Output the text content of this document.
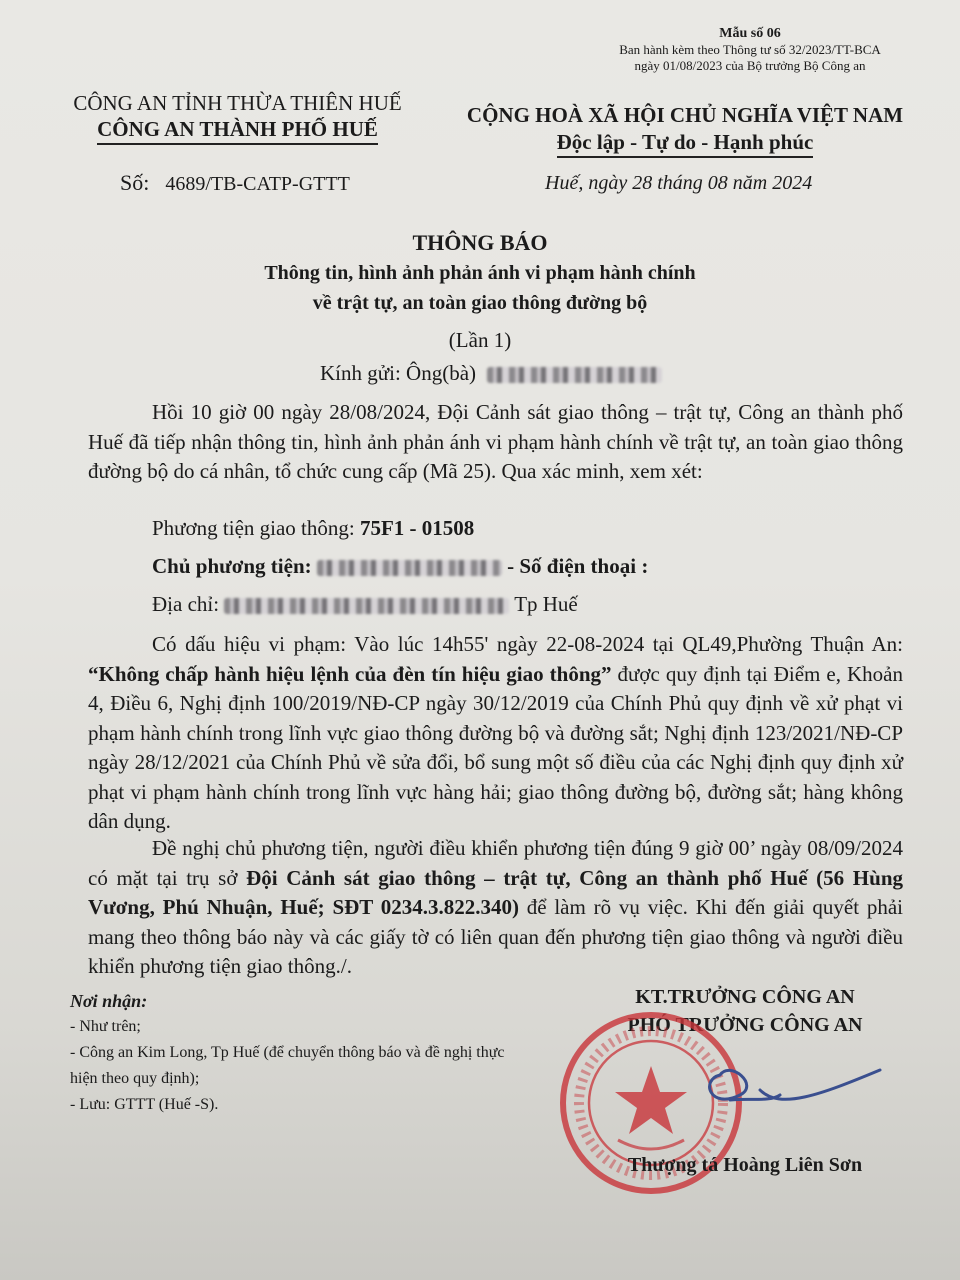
Mẫu số 06
Ban hành kèm theo Thông tư số 32/2023/TT-BCA
ngày 01/08/2023 của Bộ trưởng Bộ Công an
CÔNG AN TỈNH THỪA THIÊN HUẾ
CÔNG AN THÀNH PHỐ HUẾ
CỘNG HOÀ XÃ HỘI CHỦ NGHĨA VIỆT NAM
Độc lập - Tự do - Hạnh phúc
Số: 4689/TB-CATP-GTTT	Huế, ngày 28 tháng 08 năm 2024
THÔNG BÁO
Thông tin, hình ảnh phản ánh vi phạm hành chính
về trật tự, an toàn giao thông đường bộ
(Lần 1)
Kính gửi: Ông(bà)
Hồi 10 giờ 00 ngày 28/08/2024, Đội Cảnh sát giao thông – trật tự, Công an thành phố Huế đã tiếp nhận thông tin, hình ảnh phản ánh vi phạm hành chính về trật tự, an toàn giao thông đường bộ do cá nhân, tổ chức cung cấp (Mã 25). Qua xác minh, xem xét:
Phương tiện giao thông: 75F1 - 01508
Chủ phương tiện:	- Số điện thoại :
Địa chỉ:	Tp Huế
Có dấu hiệu vi phạm: Vào lúc 14h55' ngày 22-08-2024 tại QL49,Phường Thuận An: “Không chấp hành hiệu lệnh của đèn tín hiệu giao thông” được quy định tại Điểm e, Khoản 4, Điều 6, Nghị định 100/2019/NĐ-CP ngày 30/12/2019 của Chính Phủ quy định về xử phạt vi phạm hành chính trong lĩnh vực giao thông đường bộ và đường sắt; Nghị định 123/2021/NĐ-CP ngày 28/12/2021 của Chính Phủ về sửa đổi, bổ sung một số điều của các Nghị định quy định xử phạt vi phạm hành chính trong lĩnh vực hàng hải; giao thông đường bộ, đường sắt; hàng không dân dụng.
Đề nghị chủ phương tiện, người điều khiển phương tiện đúng 9 giờ 00’ ngày 08/09/2024 có mặt tại trụ sở Đội Cảnh sát giao thông – trật tự, Công an thành phố Huế (56 Hùng Vương, Phú Nhuận, Huế; SĐT 0234.3.822.340) để làm rõ vụ việc. Khi đến giải quyết phải mang theo thông báo này và các giấy tờ có liên quan đến phương tiện giao thông và người điều khiển phương tiện giao thông./.
Nơi nhận:
- Như trên;
- Công an Kim Long, Tp Huế (để chuyển thông báo và đề nghị thực hiện theo quy định);
- Lưu: GTTT (Huế -S).
KT.TRƯỞNG CÔNG AN
PHÓ TRƯỞNG CÔNG AN
Thượng tá Hoàng Liên Sơn
